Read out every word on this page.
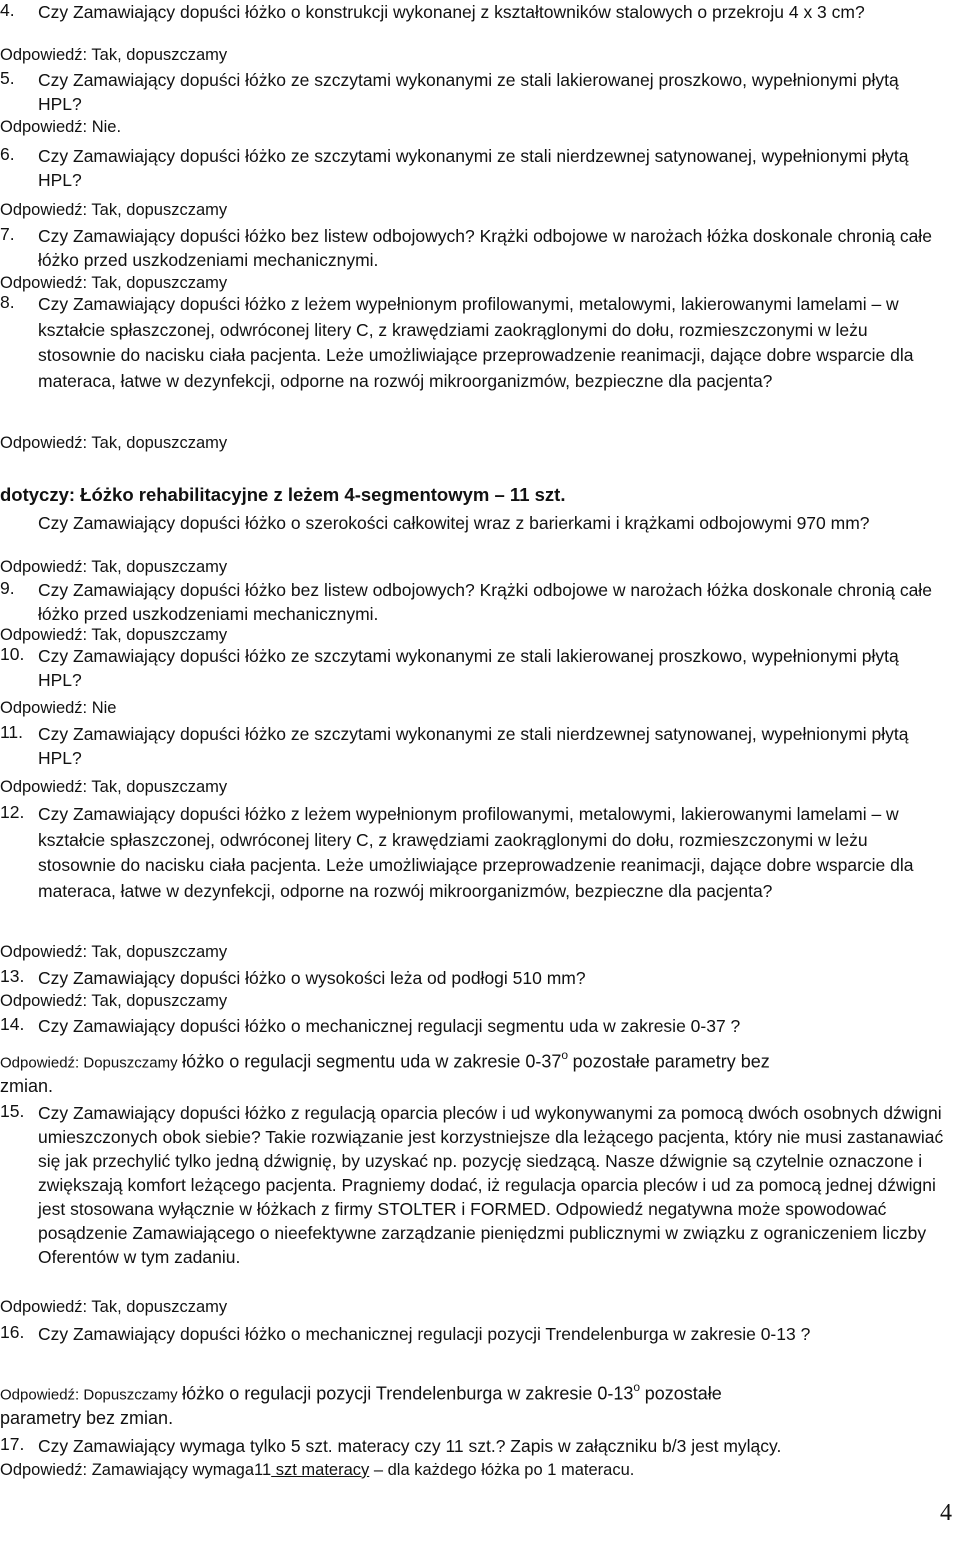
4. Czy Zamawiający dopuści łóżko o konstrukcji wykonanej z kształtowników stalowych o przekroju 4 x 3 cm?
Odpowiedź: Tak, dopuszczamy
5. Czy Zamawiający dopuści łóżko ze szczytami wykonanymi ze stali lakierowanej proszkowo, wypełnionymi płytą HPL?
Odpowiedź: Nie.
6. Czy Zamawiający dopuści łóżko ze szczytami wykonanymi ze stali nierdzewnej satynowanej, wypełnionymi płytą HPL?
Odpowiedź: Tak, dopuszczamy
7. Czy Zamawiający dopuści łóżko bez listew odbojowych? Krążki odbojowe w narożach łóżka doskonale chronią całe łóżko przed uszkodzeniami mechanicznymi.
Odpowiedź: Tak, dopuszczamy
8. Czy Zamawiający dopuści łóżko z leżem wypełnionym profilowanymi, metalowymi, lakierowanymi lamelami – w kształcie spłaszczonej, odwróconej litery C, z krawędziami zaokrąglonymi do dołu, rozmieszczonymi w leżu stosownie do nacisku ciała pacjenta. Leże umożliwiające przeprowadzenie reanimacji, dające dobre wsparcie dla materaca, łatwe w dezynfekcji, odporne na rozwój mikroorganizmów, bezpieczne dla pacjenta?
Odpowiedź: Tak, dopuszczamy
dotyczy: Łóżko rehabilitacyjne z leżem 4-segmentowym – 11 szt.
Czy Zamawiający dopuści łóżko o szerokości całkowitej wraz z barierkami i krążkami odbojowymi 970 mm?
Odpowiedź: Tak, dopuszczamy
9. Czy Zamawiający dopuści łóżko bez listew odbojowych? Krążki odbojowe w narożach łóżka doskonale chronią całe łóżko przed uszkodzeniami mechanicznymi.
Odpowiedź: Tak, dopuszczamy
10. Czy Zamawiający dopuści łóżko ze szczytami wykonanymi ze stali lakierowanej proszkowo, wypełnionymi płytą HPL?
Odpowiedź: Nie
11. Czy Zamawiający dopuści łóżko ze szczytami wykonanymi ze stali nierdzewnej satynowanej, wypełnionymi płytą HPL?
Odpowiedź: Tak, dopuszczamy
12. Czy Zamawiający dopuści łóżko z leżem wypełnionym profilowanymi, metalowymi, lakierowanymi lamelami – w kształcie spłaszczonej, odwróconej litery C, z krawędziami zaokrąglonymi do dołu, rozmieszczonymi w leżu stosownie do nacisku ciała pacjenta. Leże umożliwiające przeprowadzenie reanimacji, dające dobre wsparcie dla materaca, łatwe w dezynfekcji, odporne na rozwój mikroorganizmów, bezpieczne dla pacjenta?
Odpowiedź: Tak, dopuszczamy
13. Czy Zamawiający dopuści łóżko o wysokości leża od podłogi 510 mm?
Odpowiedź: Tak, dopuszczamy
14. Czy Zamawiający dopuści łóżko o mechanicznej regulacji segmentu uda w zakresie 0-37 ?
Odpowiedź: Dopuszczamy łóżko o regulacji segmentu uda w zakresie 0-37$^o$ pozostałe parametry bez
zmian.
15. Czy Zamawiający dopuści łóżko z regulacją oparcia pleców i ud wykonywanymi za pomocą dwóch osobnych dźwigni umieszczonych obok siebie? Takie rozwiązanie jest korzystniejsze dla leżącego pacjenta, który nie musi zastanawiać się jak przechylić tylko jedną dźwignię, by uzyskać np. pozycję siedzącą. Nasze dźwignie są czytelnie oznaczone i zwiększają komfort leżącego pacjenta. Pragniemy dodać, iż regulacja oparcia pleców i ud za pomocą jednej dźwigni jest stosowana wyłącznie w łóżkach z firmy STOLTER i FORMED. Odpowiedź negatywna może spowodować posądzenie Zamawiającego o nieefektywne zarządzanie pieniędzmi publicznymi w związku z ograniczeniem liczby Oferentów w tym zadaniu.
Odpowiedź: Tak, dopuszczamy
16. Czy Zamawiający dopuści łóżko o mechanicznej regulacji pozycji Trendelenburga w zakresie 0-13 ?
Odpowiedź: Dopuszczamy łóżko o regulacji pozycji Trendelenburga w zakresie 0-13$^o$ pozostałe
parametry bez zmian.
17. Czy Zamawiający wymaga tylko 5 szt. materacy czy 11 szt.? Zapis w załączniku b/3 jest mylący.
Odpowiedź: Zamawiający wymaga11 szt materacy – dla każdego łóżka po 1 materacu.
4
